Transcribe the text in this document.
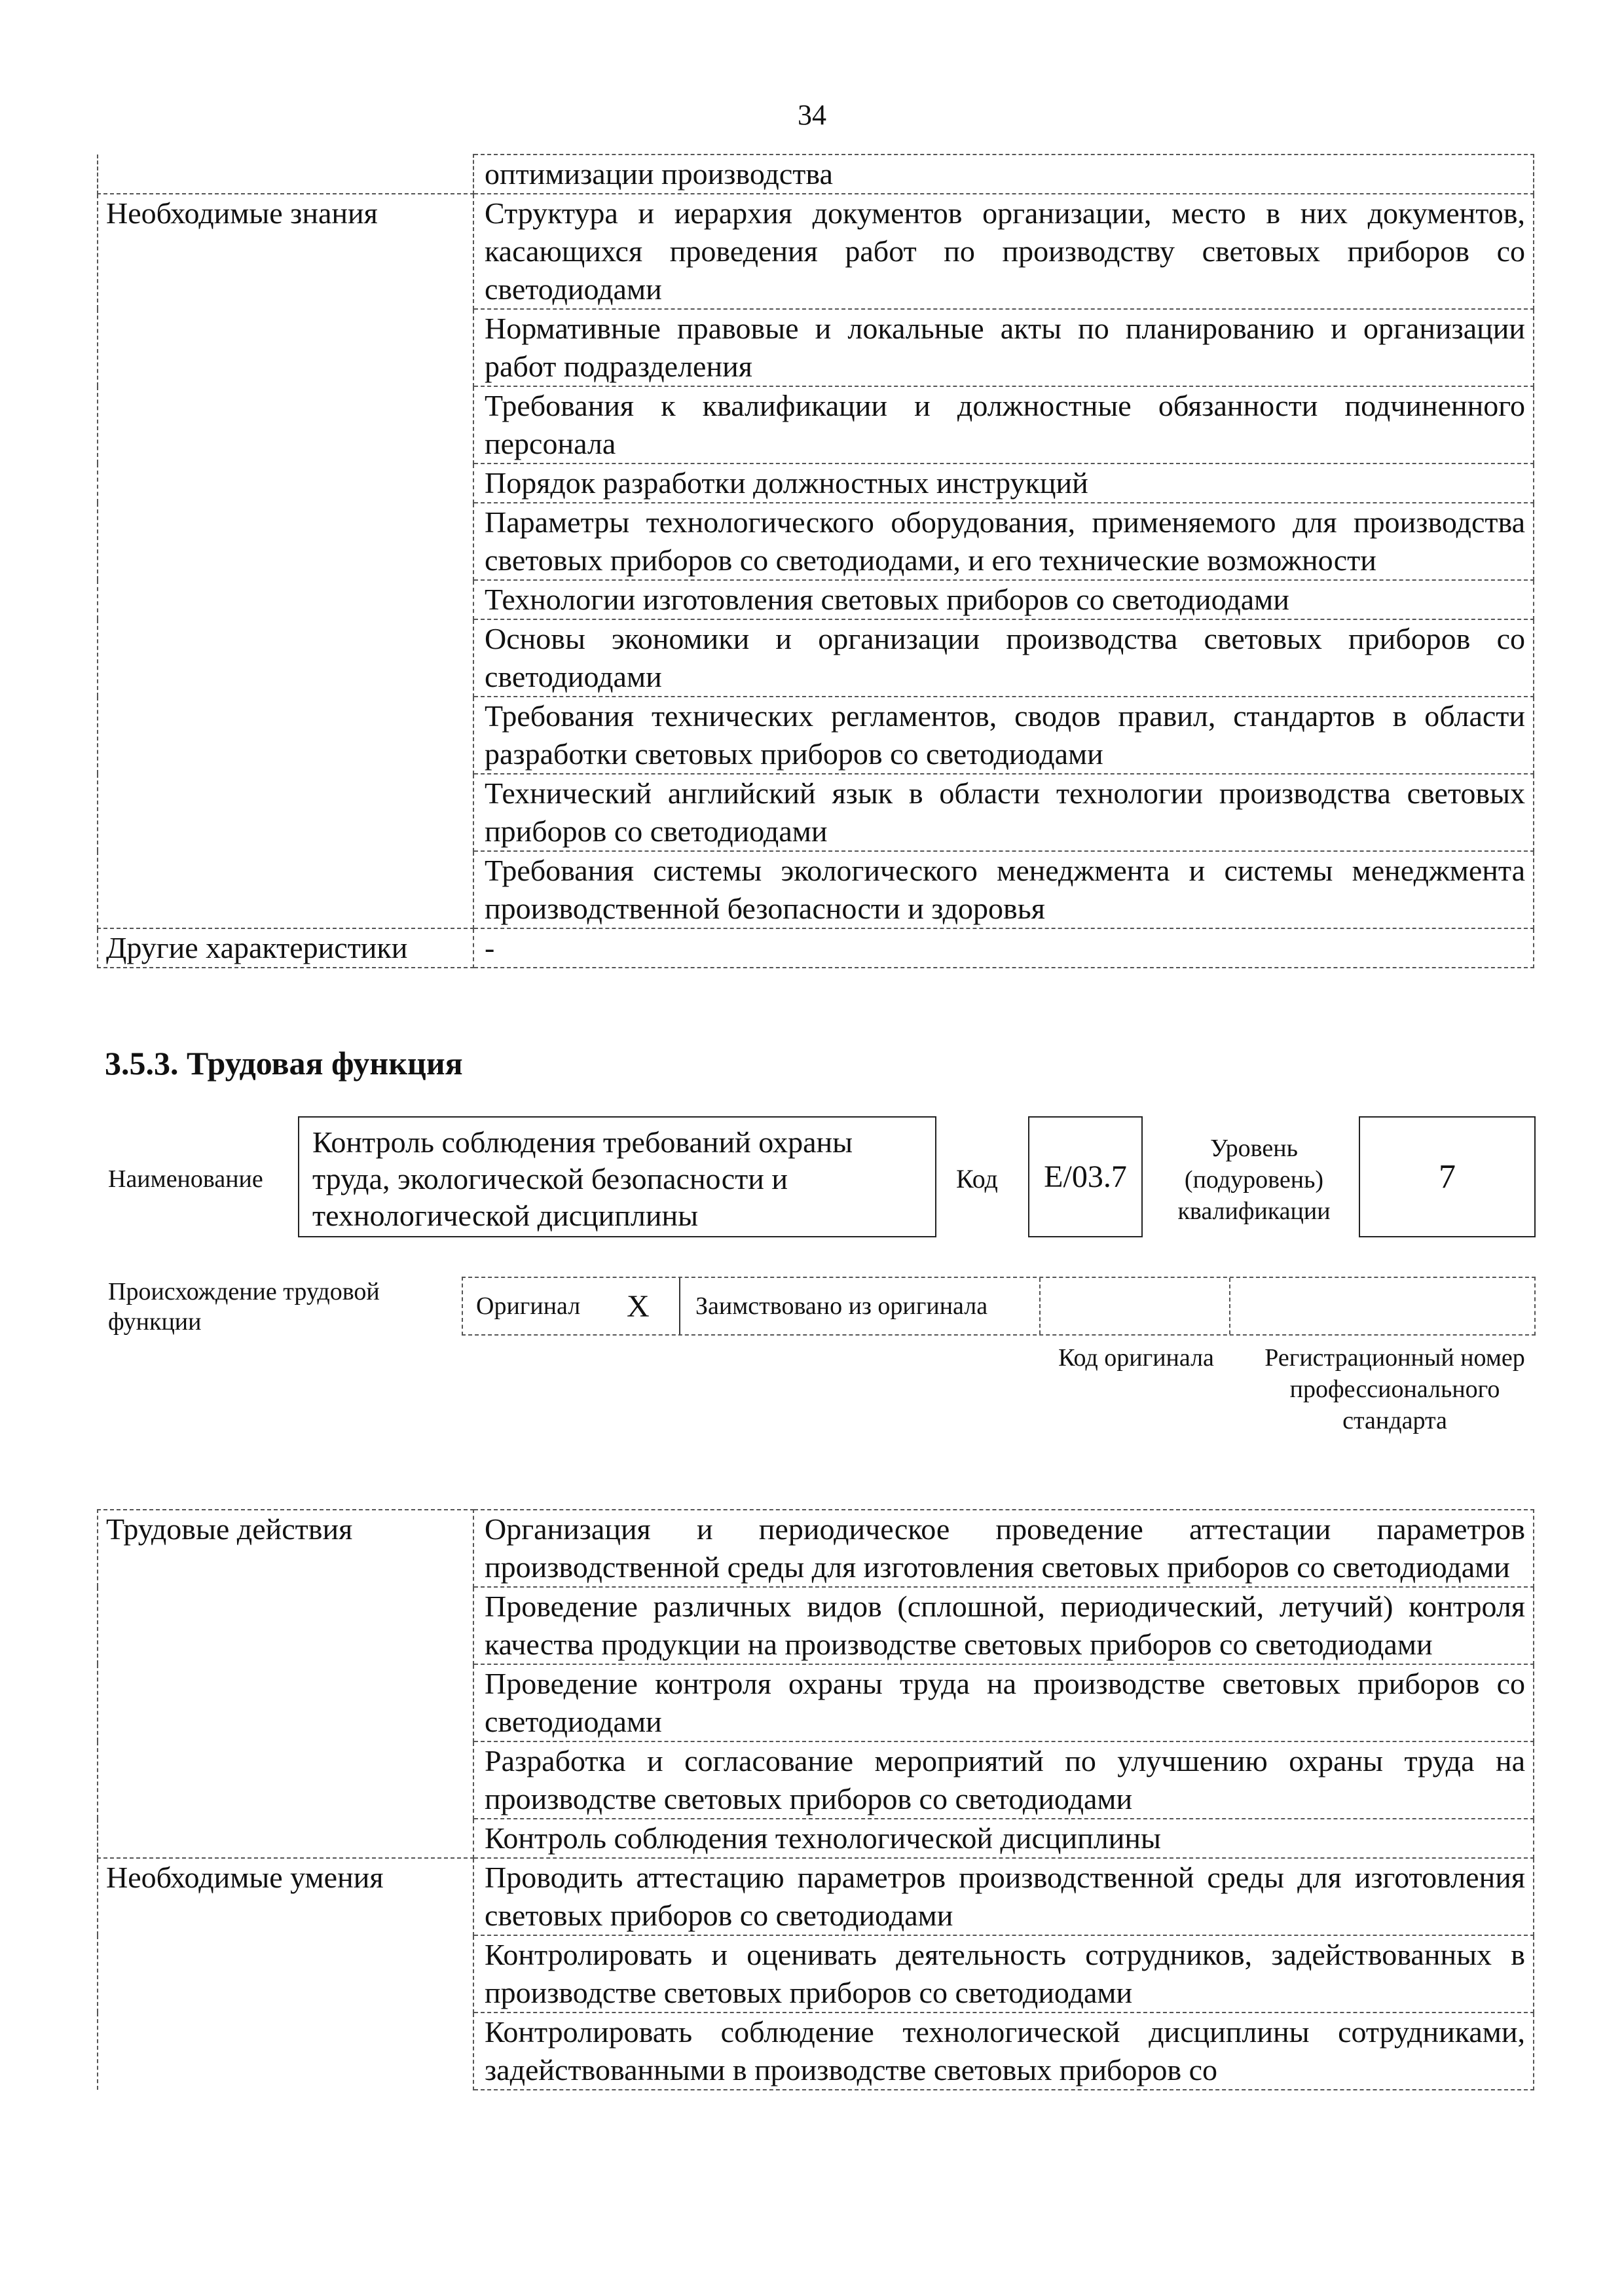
34
	оптимизации производства
Необходимые знания	Структура и иерархия документов организации, место в них документов, касающихся проведения работ по производству световых приборов со светодиодами
	Нормативные правовые и локальные акты по планированию и организации работ подразделения
	Требования к квалификации и должностные обязанности подчиненного персонала
	Порядок разработки должностных инструкций
	Параметры технологического оборудования, применяемого для производства световых приборов со светодиодами, и его технические возможности
	Технологии изготовления световых приборов со светодиодами
	Основы экономики и организации производства световых приборов со светодиодами
	Требования технических регламентов, сводов правил, стандартов в области разработки световых приборов со светодиодами
	Технический английский язык в области технологии производства световых приборов со светодиодами
	Требования системы экологического менеджмента и системы менеджмента производственной безопасности и здоровья
Другие характеристики	-
3.5.3. Трудовая функция
Наименование
Контроль соблюдения требований охраны труда, экологической безопасности и технологической дисциплины
Код	E/03.7
Уровень (подуровень) квалификации
7
Происхождение трудовой функции
Оригинал	X	Заимствовано из оригинала
Код оригинала	Регистрационный номер профессионального стандарта
Трудовые действия	Организация и периодическое проведение аттестации параметров производственной среды для изготовления световых приборов со светодиодами
	Проведение различных видов (сплошной, периодический, летучий) контроля качества продукции на производстве световых приборов со светодиодами
	Проведение контроля охраны труда на производстве световых приборов со светодиодами
	Разработка и согласование мероприятий по улучшению охраны труда на производстве световых приборов со светодиодами
	Контроль соблюдения технологической дисциплины
Необходимые умения	Проводить аттестацию параметров производственной среды для изготовления световых приборов со светодиодами
	Контролировать и оценивать деятельность сотрудников, задействованных в производстве световых приборов со светодиодами
	Контролировать соблюдение технологической дисциплины сотрудниками, задействованными в производстве световых приборов со
